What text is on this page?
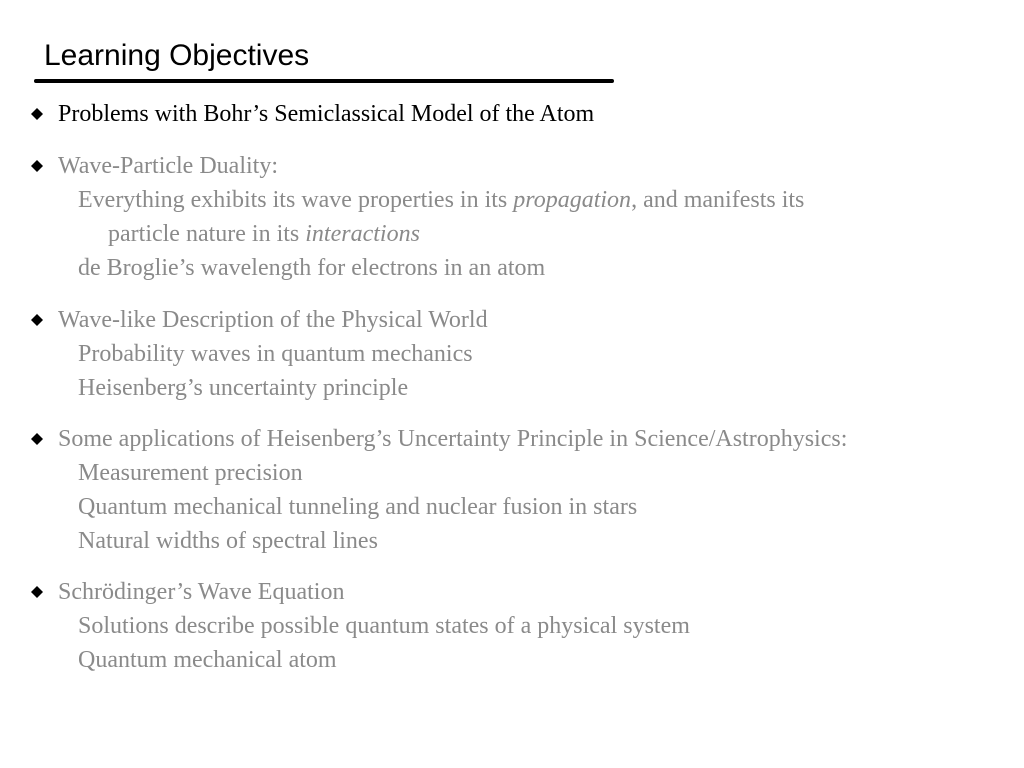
Learning Objectives
Problems with Bohr’s Semiclassical Model of the Atom
Wave-Particle Duality:
Everything exhibits its wave properties in its propagation, and manifests its
particle nature in its interactions
de Broglie’s wavelength for electrons in an atom
Wave-like Description of the Physical World
Probability waves in quantum mechanics
Heisenberg’s uncertainty principle
Some applications of Heisenberg’s Uncertainty Principle in Science/Astrophysics:
Measurement precision
Quantum mechanical tunneling and nuclear fusion in stars
Natural widths of spectral lines
Schrödinger’s Wave Equation
Solutions describe possible quantum states of a physical system
Quantum mechanical atom
